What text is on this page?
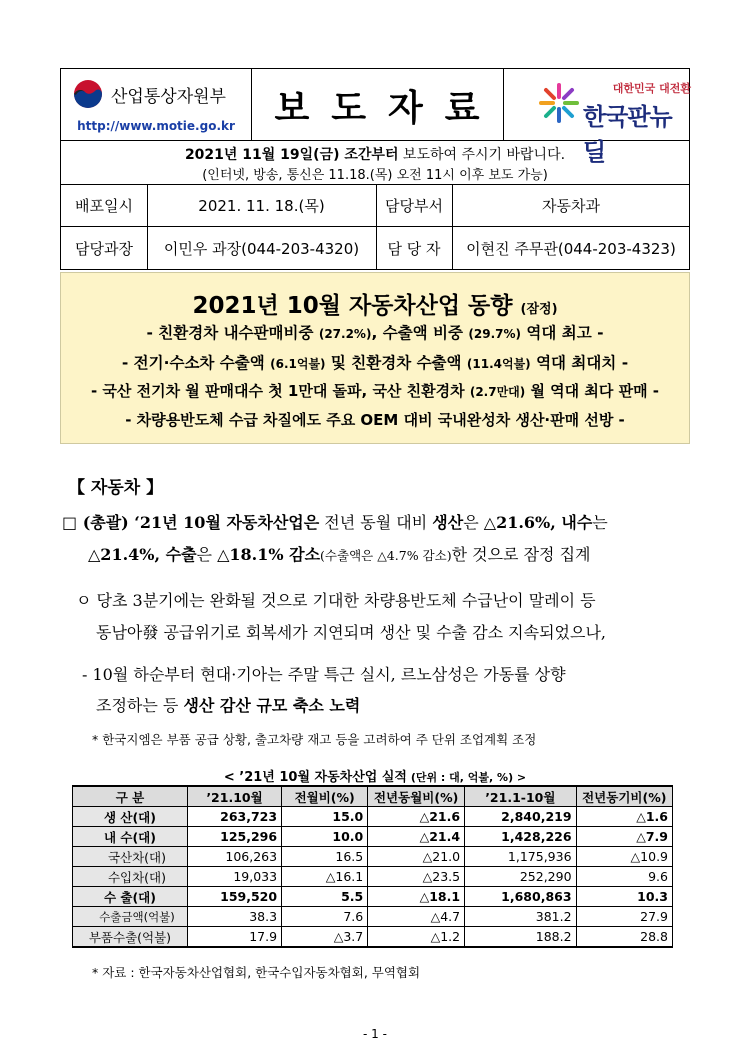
산업통상자원부
http://www.motie.go.kr	보도자료	대한민국 대전환
한국판뉴딜
2021년 11월 19일(금) 조간부터 보도하여 주시기 바랍니다.
(인터넷, 방송, 통신은 11.18.(목) 오전 11시 이후 보도 가능)
배포일시	2021. 11. 18.(목)	담당부서	자동차과
담당과장	이민우 과장(044-203-4320)	담 당 자	이현진 주무관(044-203-4323)
2021년 10월 자동차산업 동향 (잠정)
- 친환경차 내수판매비중 (27.2%), 수출액 비중 (29.7%) 역대 최고 -
- 전기·수소차 수출액 (6.1억불) 및 친환경차 수출액 (11.4억불) 역대 최대치 -
- 국산 전기차 월 판매대수 첫 1만대 돌파, 국산 친환경차 (2.7만대) 월 역대 최다 판매 -
- 차량용반도체 수급 차질에도 주요 OEM 대비 국내완성차 생산·판매 선방 -
【 자동차 】
□ (총괄) ‘21년 10월 자동차산업은 전년 동월 대비 생산은 △21.6%, 내수는
△21.4%, 수출은 △18.1% 감소(수출액은 △4.7% 감소)한 것으로 잠정 집계
ㅇ 당초 3분기에는 완화될 것으로 기대한 차량용반도체 수급난이 말레이 등
동남아發 공급위기로 회복세가 지연되며 생산 및 수출 감소 지속되었으나,
- 10월 하순부터 현대·기아는 주말 특근 실시, 르노삼성은 가동률 상향
조정하는 등 생산 감산 규모 축소 노력
* 한국지엠은 부품 공급 상황, 출고차량 재고 등을 고려하여 주 단위 조업계획 조정
< ’21년 10월 자동차산업 실적 (단위 : 대, 억불, %) >
구 분	’21.10월	전월비(%)	전년동월비(%)	’21.1-10월	전년동기비(%)
생 산(대)	263,723	15.0	△21.6	2,840,219	△1.6
내 수(대)	125,296	10.0	△21.4	1,428,226	△7.9
국산차(대)	106,263	16.5	△21.0	1,175,936	△10.9
수입차(대)	19,033	△16.1	△23.5	252,290	9.6
수 출(대)	159,520	5.5	△18.1	1,680,863	10.3
수출금액(억불)	38.3	7.6	△4.7	381.2	27.9
부품수출(억불)	17.9	△3.7	△1.2	188.2	28.8
* 자료 : 한국자동차산업협회, 한국수입자동차협회, 무역협회
- 1 -
